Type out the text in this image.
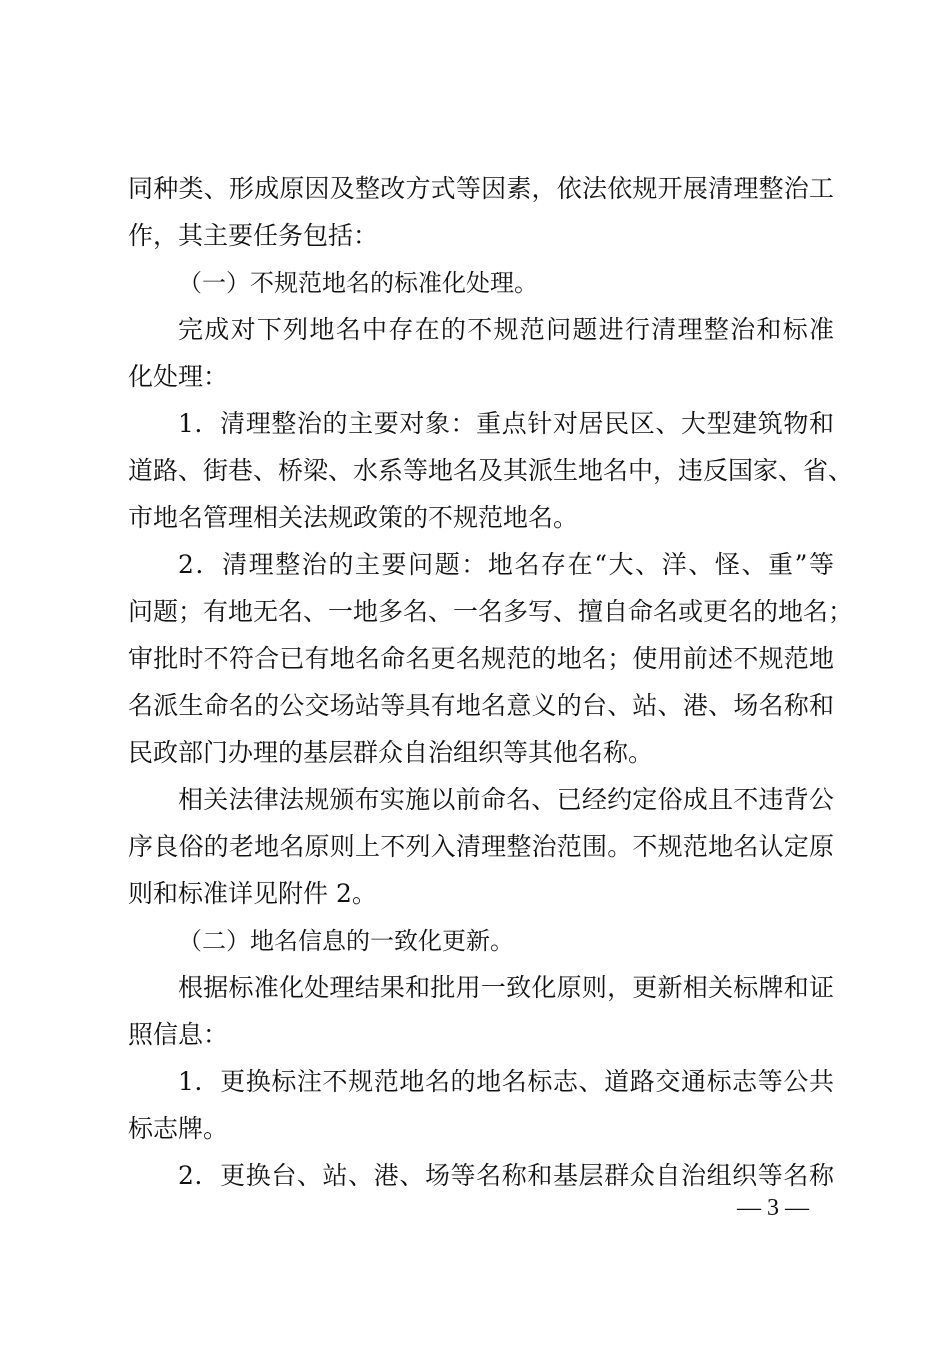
同种类、形成原因及整改方式等因素，依法依规开展清理整治工
作，其主要任务包括：
（一）不规范地名的标准化处理。
完成对下列地名中存在的不规范问题进行清理整治和标准
化处理：
1．清理整治的主要对象：重点针对居民区、大型建筑物和
道路、街巷、桥梁、水系等地名及其派生地名中，违反国家、省、
市地名管理相关法规政策的不规范地名。
2．清理整治的主要问题：地名存在“大、洋、怪、重”等
问题；有地无名、一地多名、一名多写、擅自命名或更名的地名；
审批时不符合已有地名命名更名规范的地名；使用前述不规范地
名派生命名的公交场站等具有地名意义的台、站、港、场名称和
民政部门办理的基层群众自治组织等其他名称。
相关法律法规颁布实施以前命名、已经约定俗成且不违背公
序良俗的老地名原则上不列入清理整治范围。不规范地名认定原
则和标准详见附件 2。
（二）地名信息的一致化更新。
根据标准化处理结果和批用一致化原则，更新相关标牌和证
照信息：
1．更换标注不规范地名的地名标志、道路交通标志等公共
标志牌。
2．更换台、站、港、场等名称和基层群众自治组织等名称
— 3 —
